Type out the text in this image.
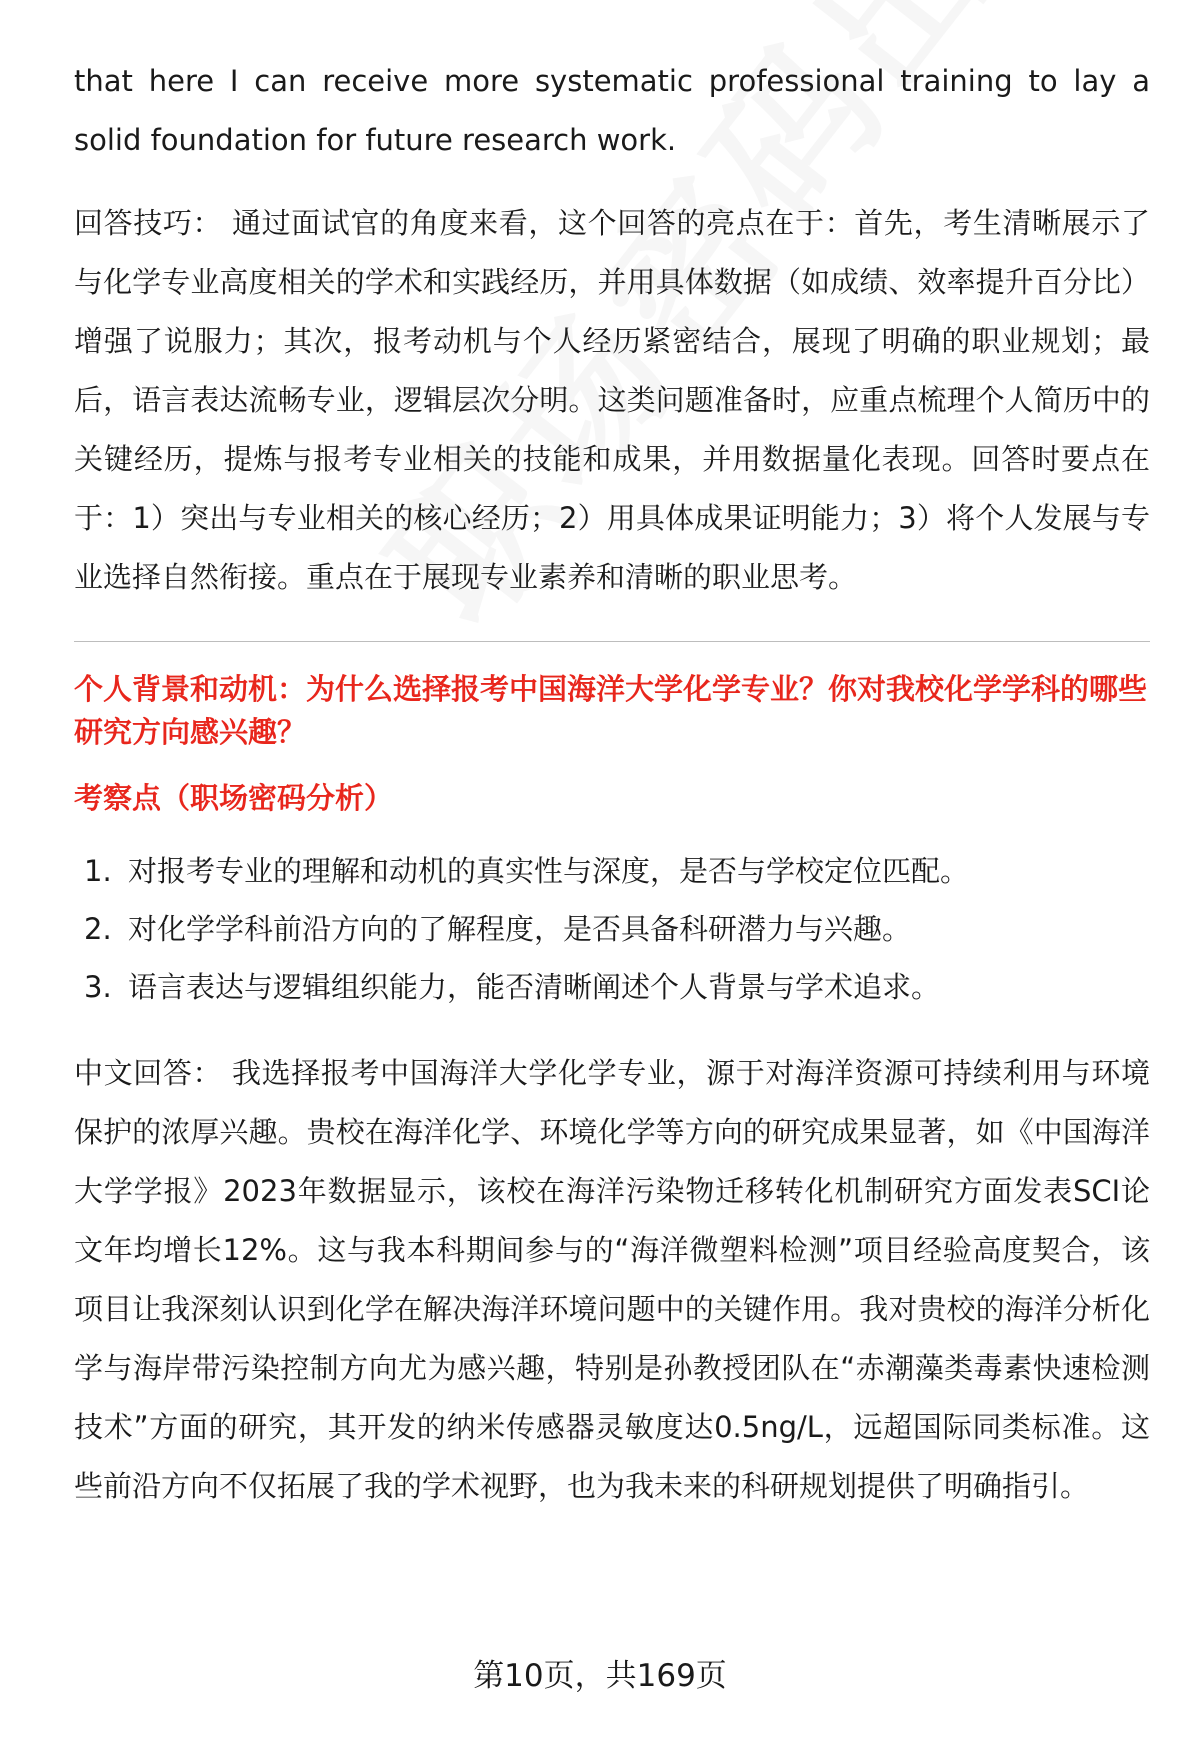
that here I can receive more systematic professional training to lay a solid foundation for future research work.

回答技巧： 通过面试官的角度来看，这个回答的亮点在于：首先，考生清晰展示了与化学专业高度相关的学术和实践经历，并用具体数据（如成绩、效率提升百分比）增强了说服力；其次，报考动机与个人经历紧密结合，展现了明确的职业规划；最后，语言表达流畅专业，逻辑层次分明。这类问题准备时，应重点梳理个人简历中的关键经历，提炼与报考专业相关的技能和成果，并用数据量化表现。回答时要点在于：1）突出与专业相关的核心经历；2）用具体成果证明能力；3）将个人发展与专业选择自然衔接。重点在于展现专业素养和清晰的职业思考。

个人背景和动机：为什么选择报考中国海洋大学化学专业？你对我校化学学科的哪些研究方向感兴趣？

考察点（职场密码分析）

1. 对报考专业的理解和动机的真实性与深度，是否与学校定位匹配。
2. 对化学学科前沿方向的了解程度，是否具备科研潜力与兴趣。
3. 语言表达与逻辑组织能力，能否清晰阐述个人背景与学术追求。

中文回答： 我选择报考中国海洋大学化学专业，源于对海洋资源可持续利用与环境保护的浓厚兴趣。贵校在海洋化学、环境化学等方向的研究成果显著，如《中国海洋大学学报》2023年数据显示，该校在海洋污染物迁移转化机制研究方面发表SCI论文年均增长12%。这与我本科期间参与的“海洋微塑料检测”项目经验高度契合，该项目让我深刻认识到化学在解决海洋环境问题中的关键作用。我对贵校的海洋分析化学与海岸带污染控制方向尤为感兴趣，特别是孙教授团队在“赤潮藻类毒素快速检测技术”方面的研究，其开发的纳米传感器灵敏度达0.5ng/L，远超国际同类标准。这些前沿方向不仅拓展了我的学术视野，也为我未来的科研规划提供了明确指引。

第10页，共169页
